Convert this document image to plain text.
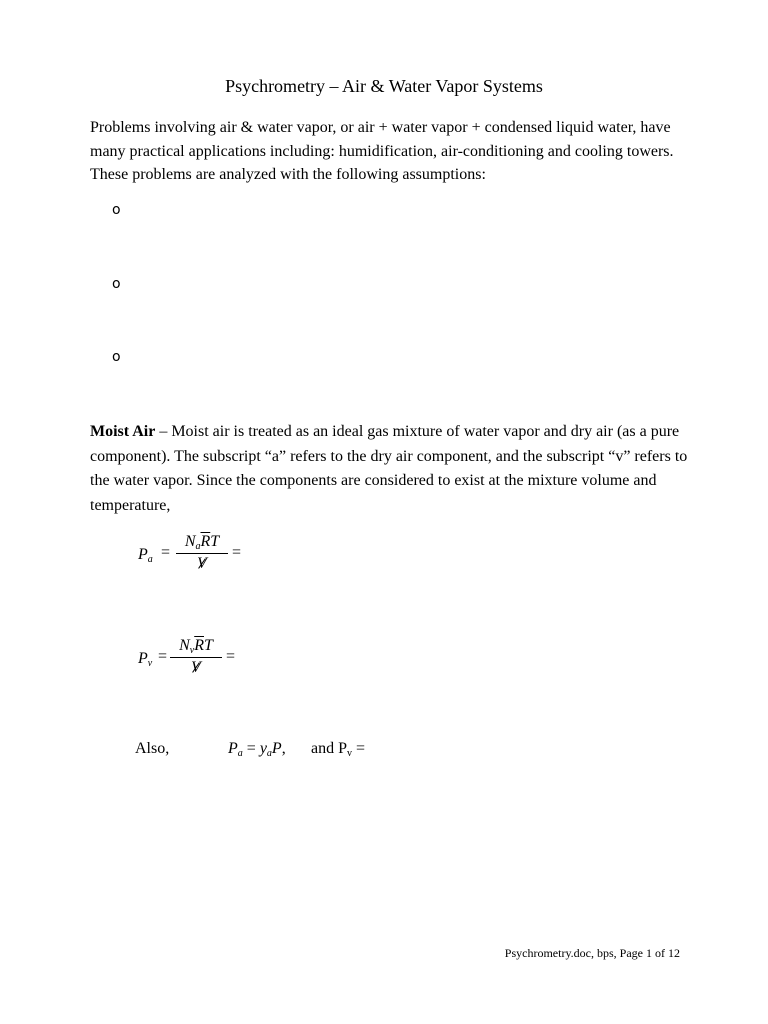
Psychrometry – Air & Water Vapor Systems
Problems involving air & water vapor, or air + water vapor + condensed liquid water, have many practical applications including: humidification, air-conditioning and cooling towers. These problems are analyzed with the following assumptions:
o
o
o
Moist Air – Moist air is treated as an ideal gas mixture of water vapor and dry air (as a pure component). The subscript “a” refers to the dry air component, and the subscript “v” refers to the water vapor. Since the components are considered to exist at the mixture volume and temperature,
$P_a$ =
$N_a\overline{R}T$
V
=
$P_v$ =
$N_v\overline{R}T$
V
=
Also,	$P_a = y_aP$, and $P_v$ =
Psychrometry.doc, bps, Page 1 of 12
